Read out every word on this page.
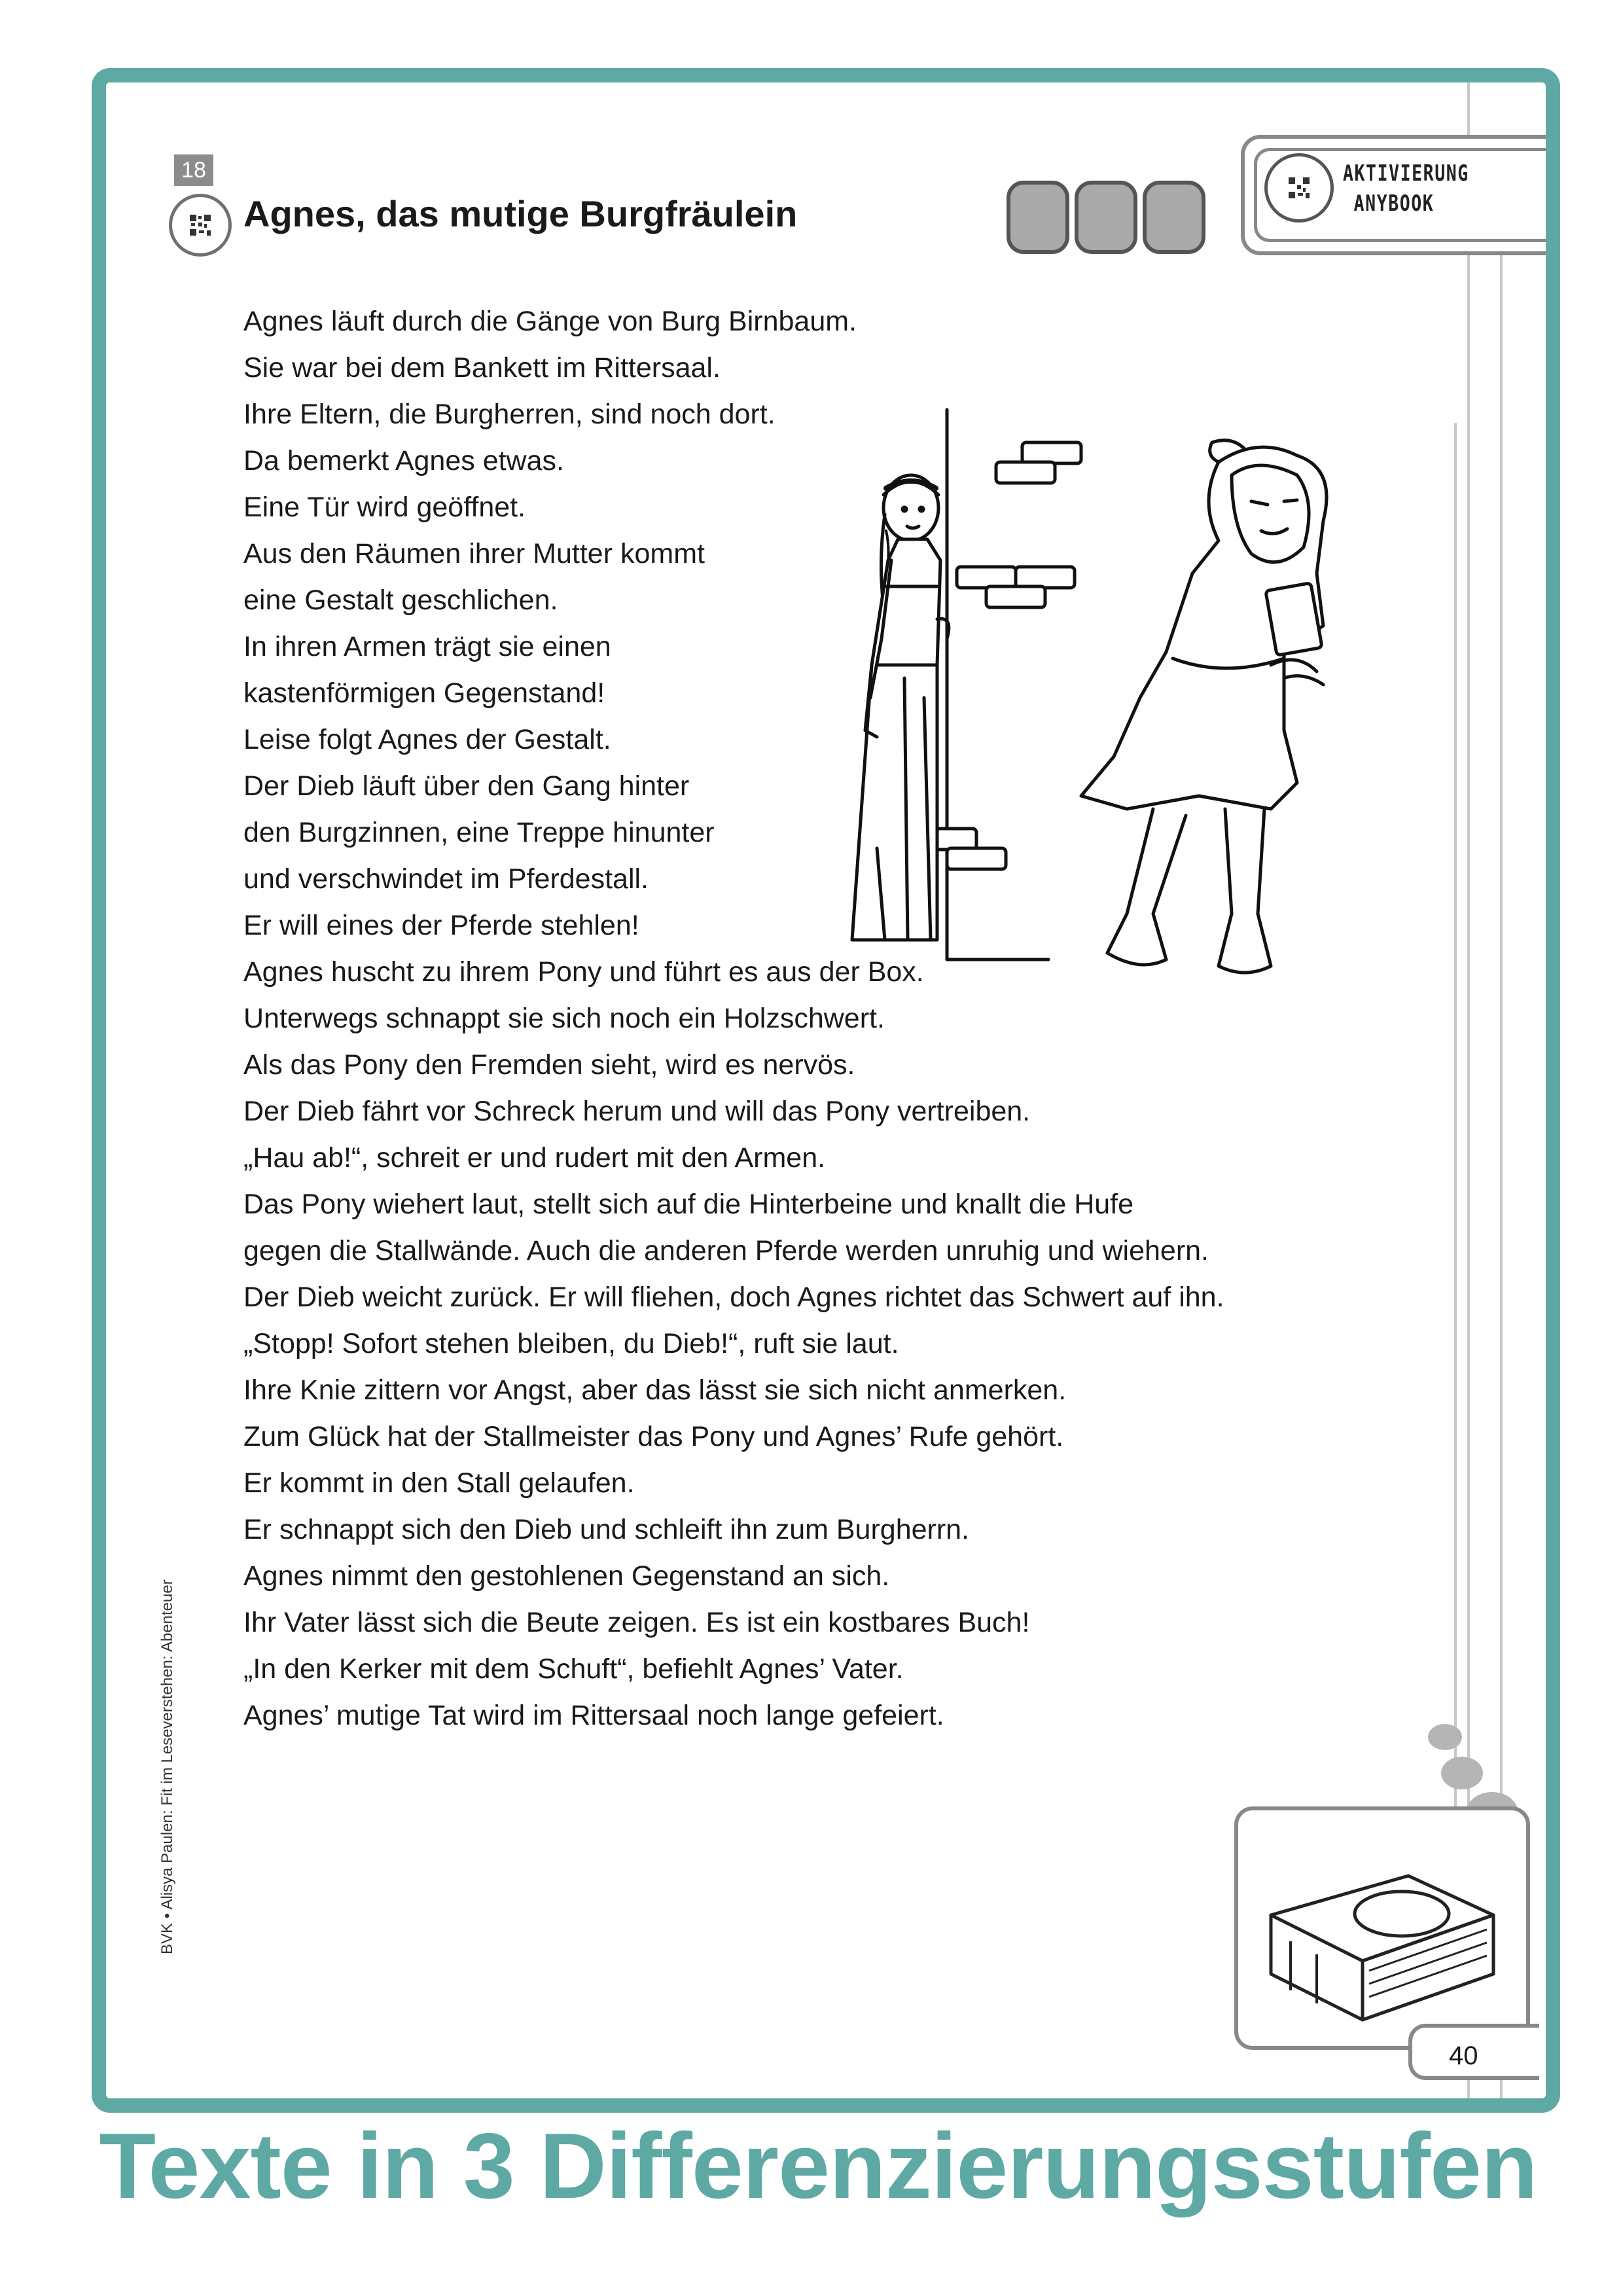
18
Agnes, das mutige Burgfräulein
AKTIVIERUNG
ANYBOOK
Agnes läuft durch die Gänge von Burg Birnbaum.
Sie war bei dem Bankett im Rittersaal.
Ihre Eltern, die Burgherren, sind noch dort.
Da bemerkt Agnes etwas.
Eine Tür wird geöffnet.
Aus den Räumen ihrer Mutter kommt
eine Gestalt geschlichen.
In ihren Armen trägt sie einen
kastenförmigen Gegenstand!
Leise folgt Agnes der Gestalt.
Der Dieb läuft über den Gang hinter
den Burgzinnen, eine Treppe hinunter
und verschwindet im Pferdestall.
Er will eines der Pferde stehlen!
Agnes huscht zu ihrem Pony und führt es aus der Box.
Unterwegs schnappt sie sich noch ein Holzschwert.
Als das Pony den Fremden sieht, wird es nervös.
Der Dieb fährt vor Schreck herum und will das Pony vertreiben.
„Hau ab!“, schreit er und rudert mit den Armen.
Das Pony wiehert laut, stellt sich auf die Hinterbeine und knallt die Hufe
gegen die Stallwände. Auch die anderen Pferde werden unruhig und wiehern.
Der Dieb weicht zurück. Er will fliehen, doch Agnes richtet das Schwert auf ihn.
„Stopp! Sofort stehen bleiben, du Dieb!“, ruft sie laut.
Ihre Knie zittern vor Angst, aber das lässt sie sich nicht anmerken.
Zum Glück hat der Stallmeister das Pony und Agnes’ Rufe gehört.
Er kommt in den Stall gelaufen.
Er schnappt sich den Dieb und schleift ihn zum Burgherrn.
Agnes nimmt den gestohlenen Gegenstand an sich.
Ihr Vater lässt sich die Beute zeigen. Es ist ein kostbares Buch!
„In den Kerker mit dem Schuft“, befiehlt Agnes’ Vater.
Agnes’ mutige Tat wird im Rittersaal noch lange gefeiert.
BVK • Alisya Paulen: Fit im Leseverstehen: Abenteuer
40
Texte in 3 Differenzierungsstufen
